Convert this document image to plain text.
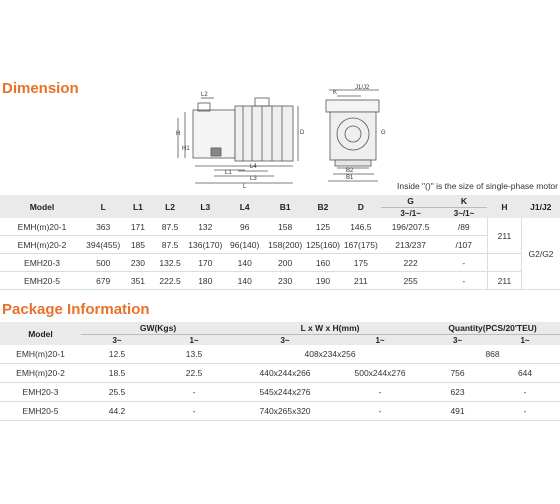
Dimension	L2
H
H1
D
L4
L1
L3
L
K
J1/J2
G
B2
B1
Inside "()" is the size of single-phase motor
Model	L	L1	L2	L3	L4	B1	B2	D	G	K	H	J1/J2
									3~/1~	3~/1~		
EMH(m)20-1	363	171	87.5	132	96	158	125	146.5	196/207.5	/89	211	G2/G2
EMH(m)20-2	394(455)	185	87.5	136(170)	96(140)	158(200)	125(160)	167(175)	213/237	/107		
EMH20-3	500	230	132.5	170	140	200	160	175	222	-		
EMH20-5	679	351	222.5	180	140	230	190	211	255	-	211	
Package Information
Model	GW(Kgs)		L x W x H(mm)		Quantity(PCS/20'TEU)	
	3~	1~	3~	1~	3~	1~
EMH(m)20-1	12.5	13.5	408x234x256		868	
EMH(m)20-2	18.5	22.5	440x244x266	500x244x276	756	644
EMH20-3	25.5	-	545x244x276	-	623	-
EMH20-5	44.2	-	740x265x320	-	491	-
